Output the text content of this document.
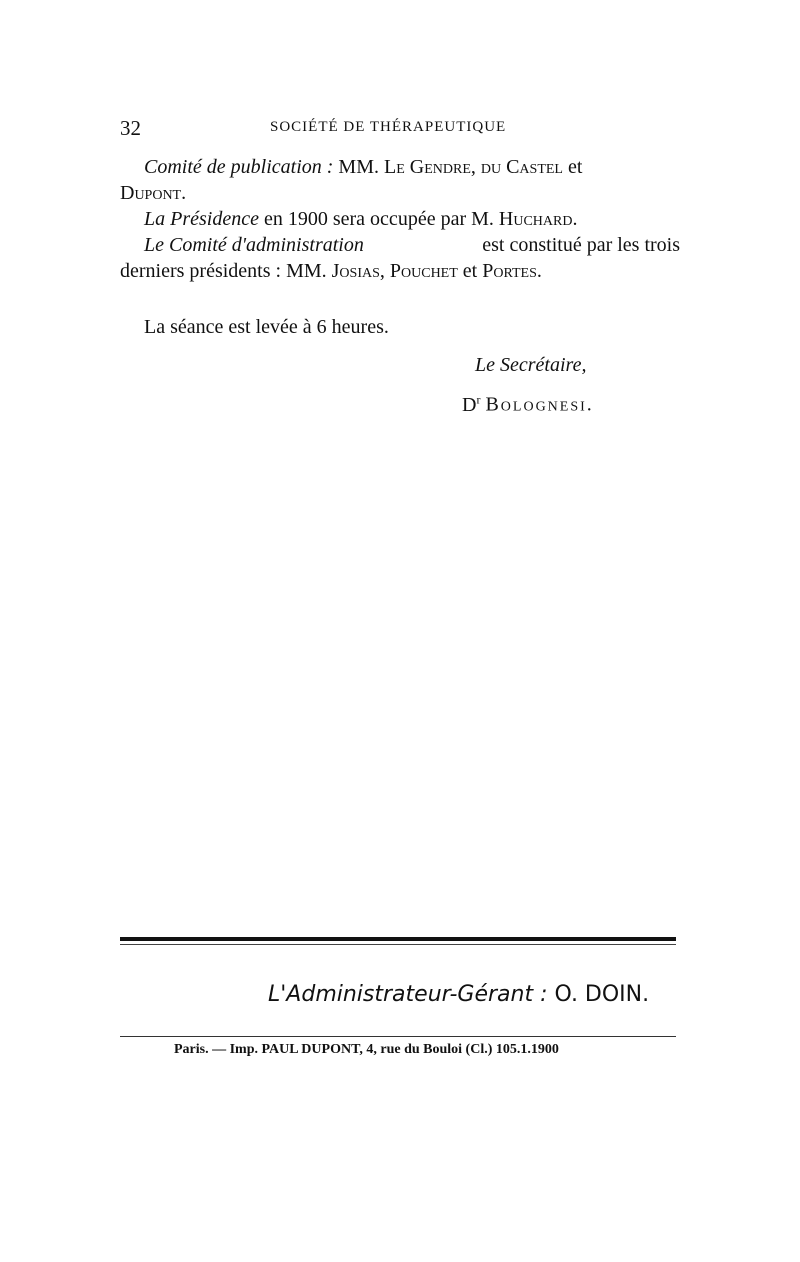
32	SOCIÉTÉ DE THÉRAPEUTIQUE
Comité de publication : MM. Le Gendre, du Castel et
Dupont.
La Présidence en 1900 sera occupée par M. Huchard.
Le Comité d'administration	est constitué par les trois
derniers présidents : MM. Josias, Pouchet et Portes.
La séance est levée à 6 heures.
Le Secrétaire,
$D^r$ Bolognesi.
L'Administrateur-Gérant : O. DOIN.
Paris. — Imp. PAUL DUPONT, 4, rue du Bouloi (Cl.) 105.1.1900
